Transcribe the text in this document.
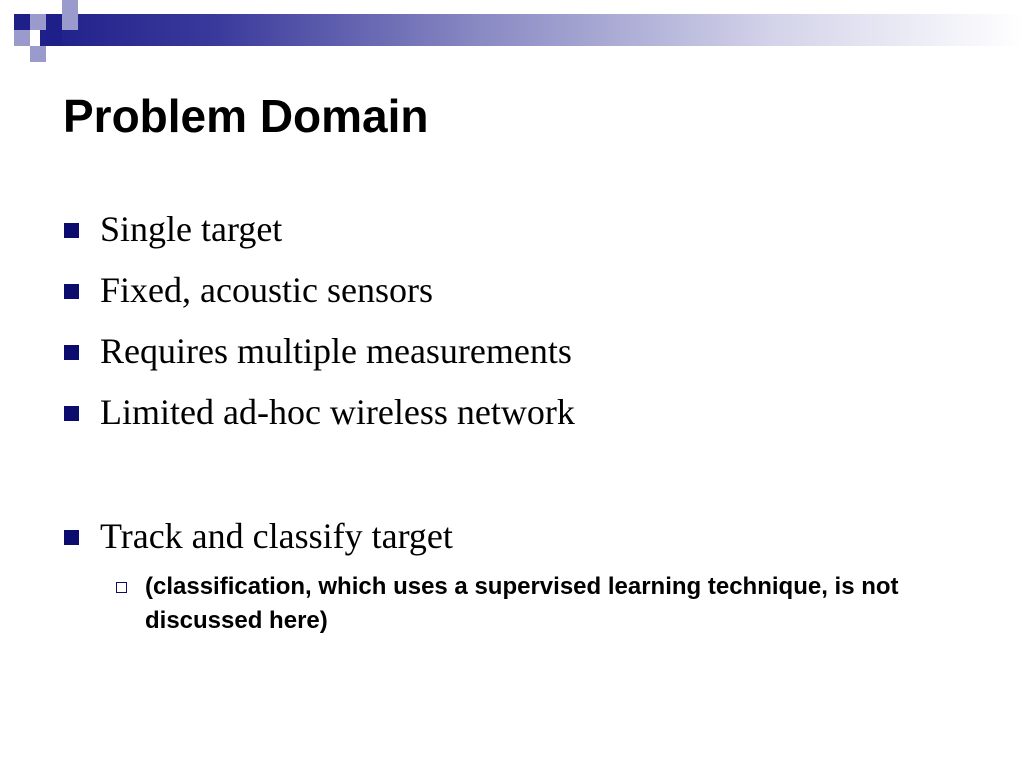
Problem Domain
Single target
Fixed, acoustic sensors
Requires multiple measurements
Limited ad-hoc wireless network
Track and classify target
(classification, which uses a supervised learning technique, is not discussed here)
